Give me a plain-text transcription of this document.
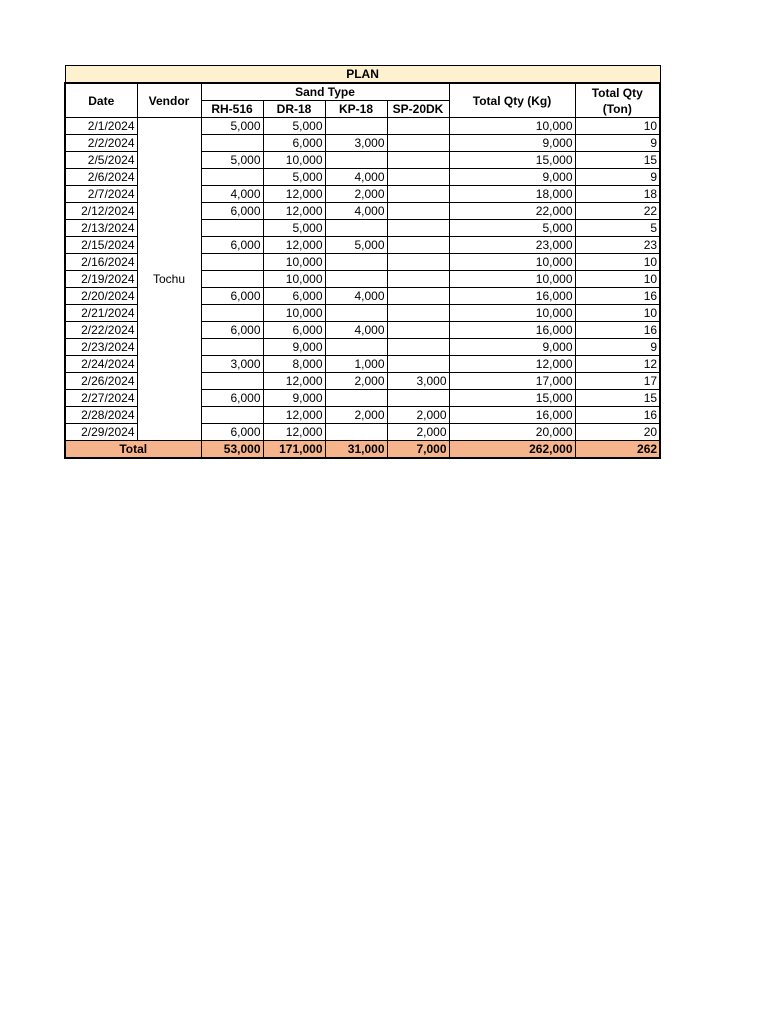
PLAN							
Date	Vendor	Sand Type				Total Qty (Kg)	Total Qty
(Ton)
		RH-516	DR-18	KP-18	SP-20DK		
2/1/2024	Tochu	5,000	5,000			10,000	10
2/2/2024			6,000	3,000		9,000	9
2/5/2024		5,000	10,000			15,000	15
2/6/2024			5,000	4,000		9,000	9
2/7/2024		4,000	12,000	2,000		18,000	18
2/12/2024		6,000	12,000	4,000		22,000	22
2/13/2024			5,000			5,000	5
2/15/2024		6,000	12,000	5,000		23,000	23
2/16/2024			10,000			10,000	10
2/19/2024			10,000			10,000	10
2/20/2024		6,000	6,000	4,000		16,000	16
2/21/2024			10,000			10,000	10
2/22/2024		6,000	6,000	4,000		16,000	16
2/23/2024			9,000			9,000	9
2/24/2024		3,000	8,000	1,000		12,000	12
2/26/2024			12,000	2,000	3,000	17,000	17
2/27/2024		6,000	9,000			15,000	15
2/28/2024			12,000	2,000	2,000	16,000	16
2/29/2024		6,000	12,000		2,000	20,000	20
Total		53,000	171,000	31,000	7,000	262,000	262
